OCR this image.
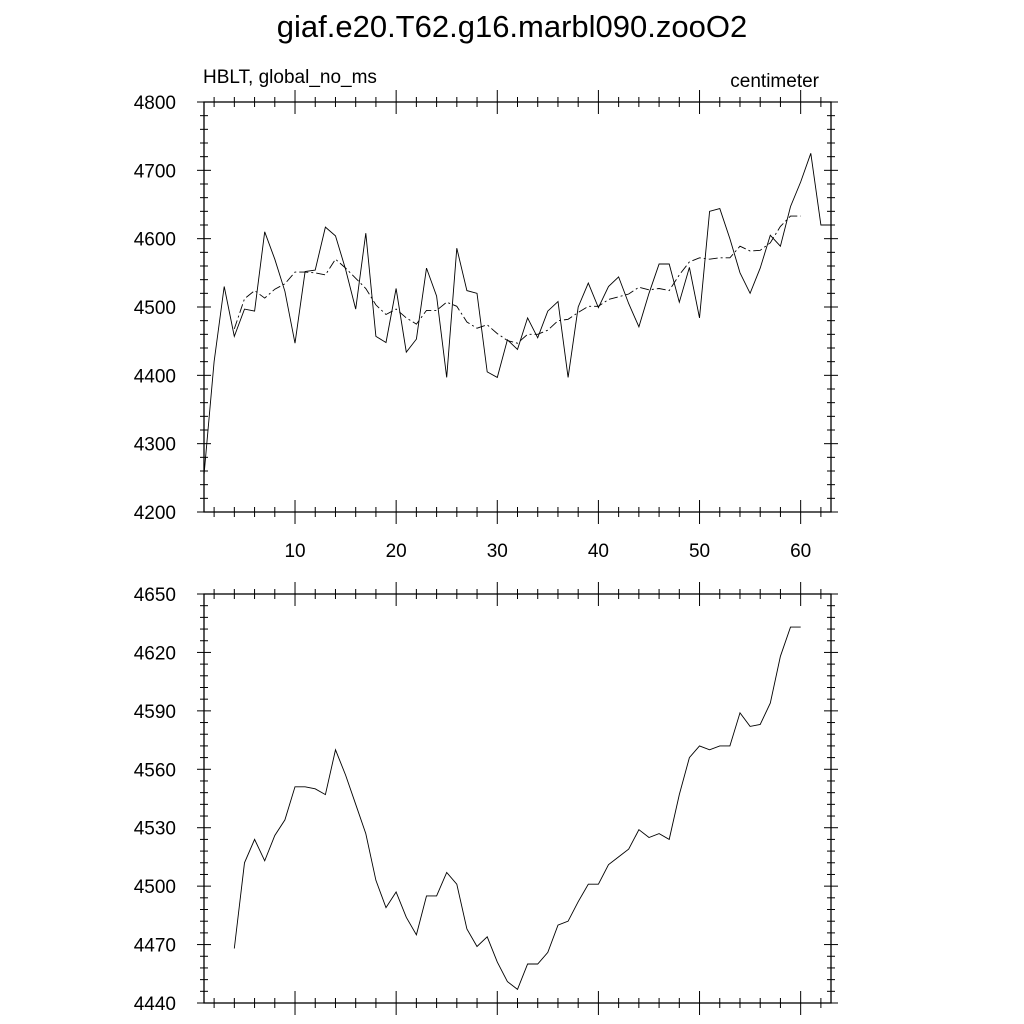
giaf.e20.T62.g16.marbl090.zooO2
HBLT, global_no_ms	centimeter
4200
4300
4400
4500
4600
4700
4800
10	20	30	40	50	60
4440
4470
4500
4530
4560
4590
4620
4650
